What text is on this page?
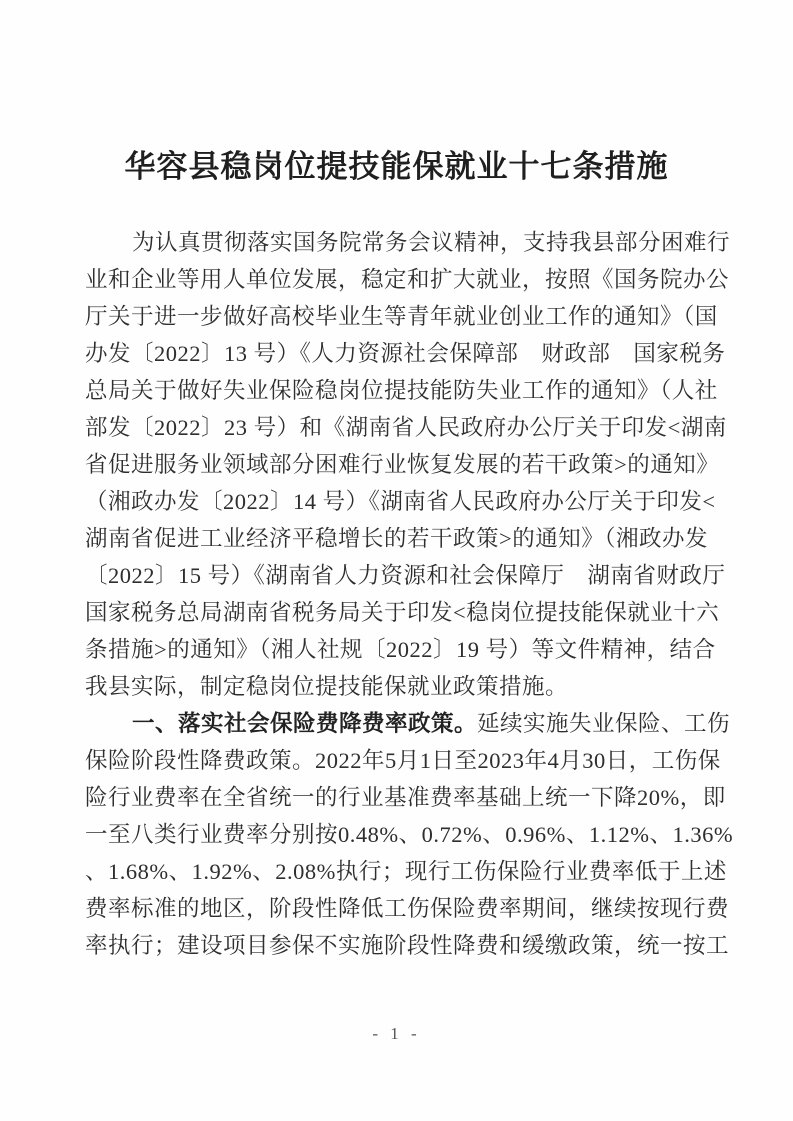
华容县稳岗位提技能保就业十七条措施
为认真贯彻落实国务院常务会议精神，支持我县部分困难行
业和企业等用人单位发展，稳定和扩大就业，按照《国务院办公
厅关于进一步做好高校毕业生等青年就业创业工作的通知》（国
办发〔2022〕13 号）《人力资源社会保障部　财政部　国家税务
总局关于做好失业保险稳岗位提技能防失业工作的通知》（人社
部发〔2022〕23 号）和《湖南省人民政府办公厅关于印发<湖南
省促进服务业领域部分困难行业恢复发展的若干政策>的通知》
（湘政办发〔2022〕14 号）《湖南省人民政府办公厅关于印发<
湖南省促进工业经济平稳增长的若干政策>的通知》（湘政办发
〔2022〕15 号）《湖南省人力资源和社会保障厅　湖南省财政厅
国家税务总局湖南省税务局关于印发<稳岗位提技能保就业十六
条措施>的通知》（湘人社规〔2022〕19 号）等文件精神，结合
我县实际，制定稳岗位提技能保就业政策措施。
一、落实社会保险费降费率政策。延续实施失业保险、工伤
保险阶段性降费政策。2022年5月1日至2023年4月30日，工伤保
险行业费率在全省统一的行业基准费率基础上统一下降20%，即
一至八类行业费率分别按0.48%、0.72%、0.96%、1.12%、1.36%
、1.68%、1.92%、2.08%执行；现行工伤保险行业费率低于上述
费率标准的地区，阶段性降低工伤保险费率期间，继续按现行费
率执行；建设项目参保不实施阶段性降费和缓缴政策，统一按工
- 1 -
